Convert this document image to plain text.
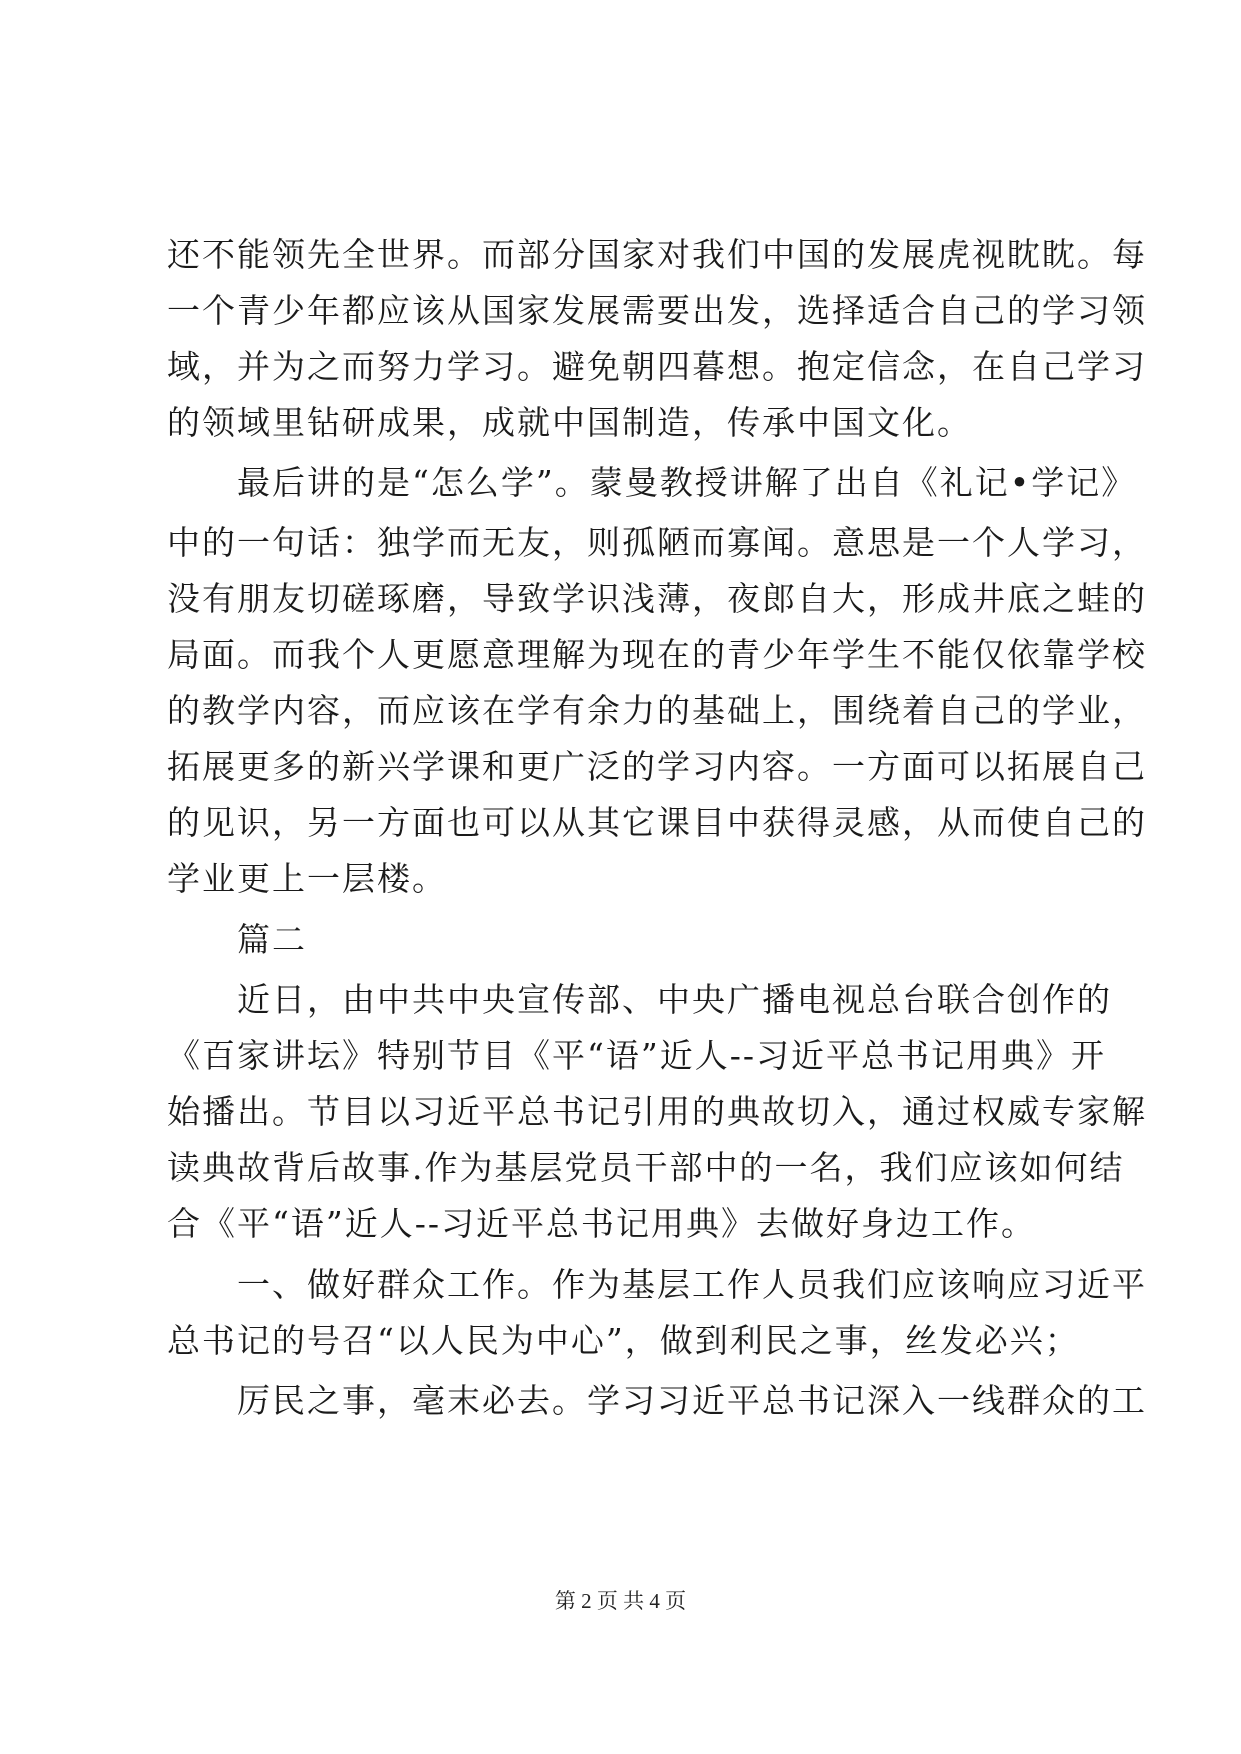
还不能领先全世界。而部分国家对我们中国的发展虎视眈眈。每
一个青少年都应该从国家发展需要出发，选择适合自己的学习领
域，并为之而努力学习。避免朝四暮想。抱定信念，在自己学习
的领域里钻研成果，成就中国制造，传承中国文化。
　　最后讲的是“怎么学”。蒙曼教授讲解了出自《礼记•学记》
中的一句话：独学而无友，则孤陋而寡闻。意思是一个人学习，
没有朋友切磋琢磨，导致学识浅薄，夜郎自大，形成井底之蛙的
局面。而我个人更愿意理解为现在的青少年学生不能仅依靠学校
的教学内容，而应该在学有余力的基础上，围绕着自己的学业，
拓展更多的新兴学课和更广泛的学习内容。一方面可以拓展自己
的见识，另一方面也可以从其它课目中获得灵感，从而使自己的
学业更上一层楼。
　　篇二
　　近日，由中共中央宣传部、中央广播电视总台联合创作的
《百家讲坛》特别节目《平“语”近人--习近平总书记用典》开
始播出。节目以习近平总书记引用的典故切入，通过权威专家解
读典故背后故事.作为基层党员干部中的一名，我们应该如何结
合《平“语”近人--习近平总书记用典》去做好身边工作。
　　一、做好群众工作。作为基层工作人员我们应该响应习近平
总书记的号召“以人民为中心”，做到利民之事，丝发必兴；
　　厉民之事，毫末必去。学习习近平总书记深入一线群众的工
第 2 页 共 4 页
